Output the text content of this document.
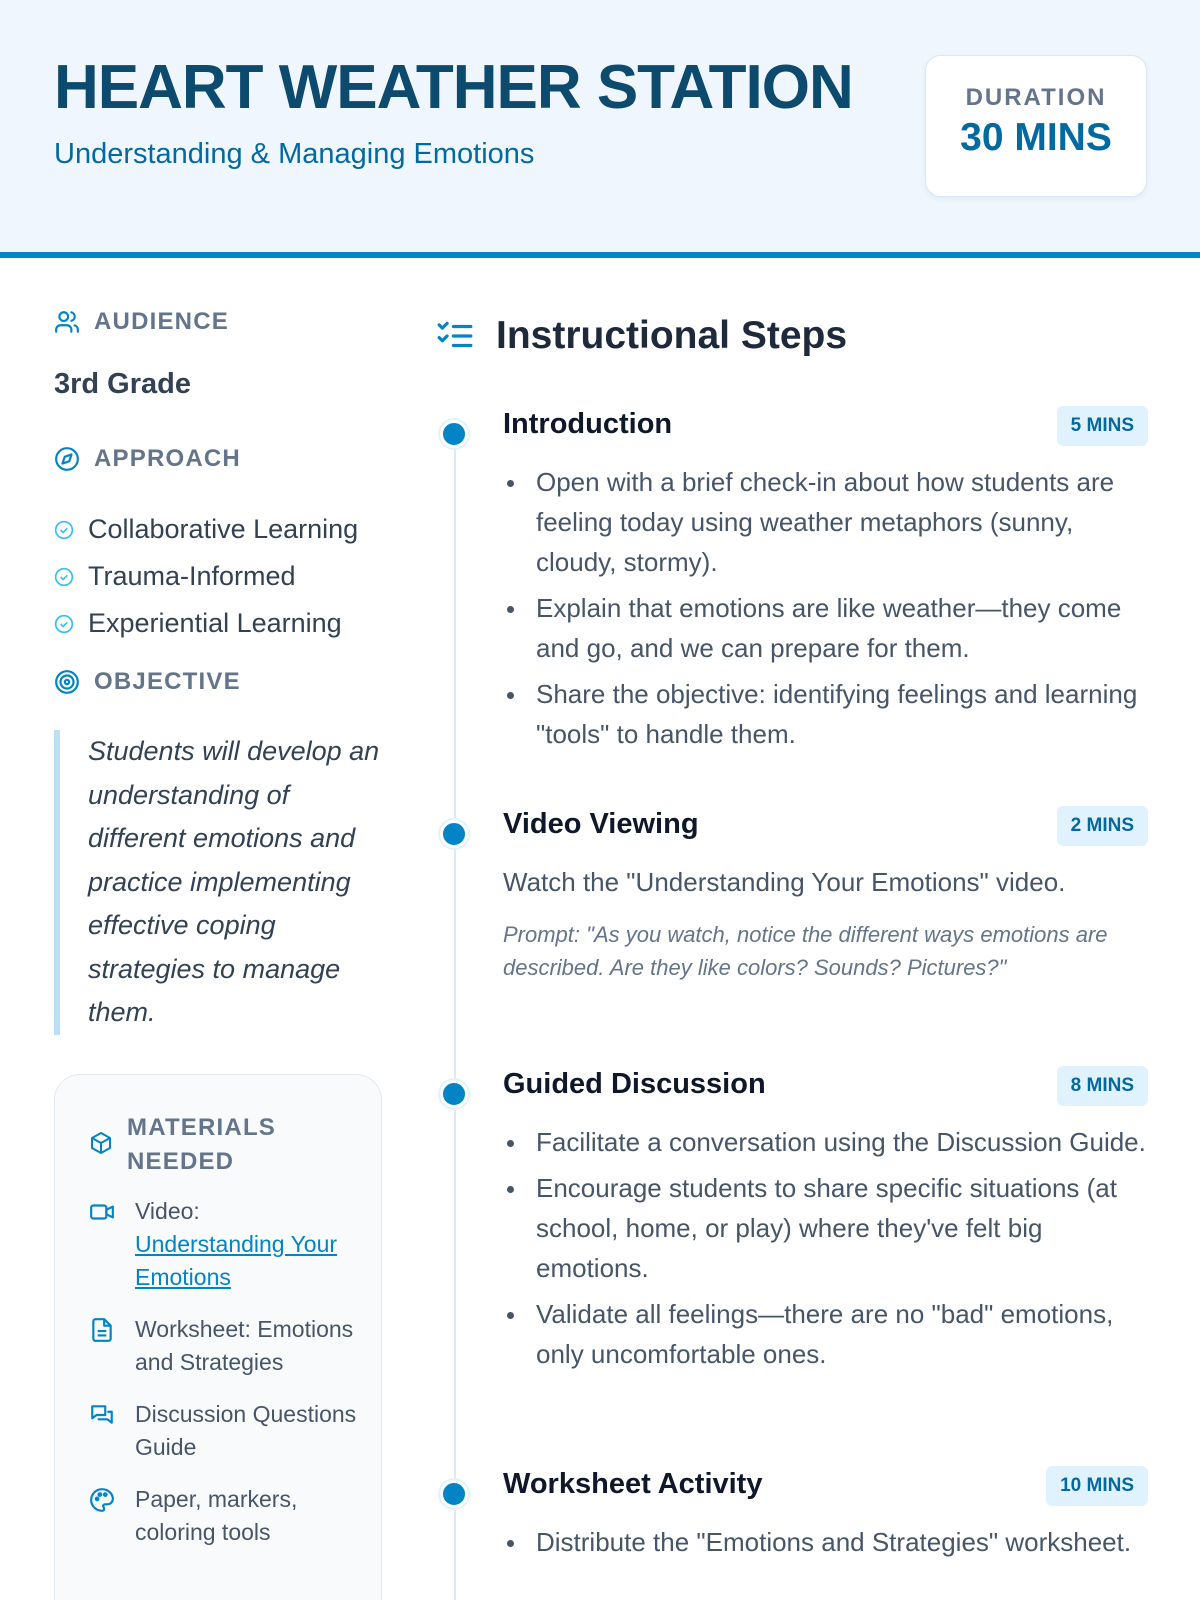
HEART WEATHER STATION
Understanding & Managing Emotions
DURATION
30 MINS
AUDIENCE
3rd Grade
APPROACH
Collaborative Learning
Trauma-Informed
Experiential Learning
OBJECTIVE
Students will develop an understanding of different emotions and practice implementing effective coping strategies to manage them.
MATERIALS NEEDED
Video:
Understanding Your Emotions
Worksheet: Emotions and Strategies
Discussion Questions Guide
Paper, markers, coloring tools
Instructional Steps
Introduction	5 MINS
Open with a brief check-in about how students are feeling today using weather metaphors (sunny, cloudy, stormy).
Explain that emotions are like weather—they come and go, and we can prepare for them.
Share the objective: identifying feelings and learning "tools" to handle them.
Video Viewing	2 MINS
Watch the "Understanding Your Emotions" video.
Prompt: "As you watch, notice the different ways emotions are described. Are they like colors? Sounds? Pictures?"
Guided Discussion	8 MINS
Facilitate a conversation using the Discussion Guide.
Encourage students to share specific situations (at school, home, or play) where they've felt big emotions.
Validate all feelings—there are no "bad" emotions, only uncomfortable ones.
Worksheet Activity	10 MINS
Distribute the "Emotions and Strategies" worksheet.
